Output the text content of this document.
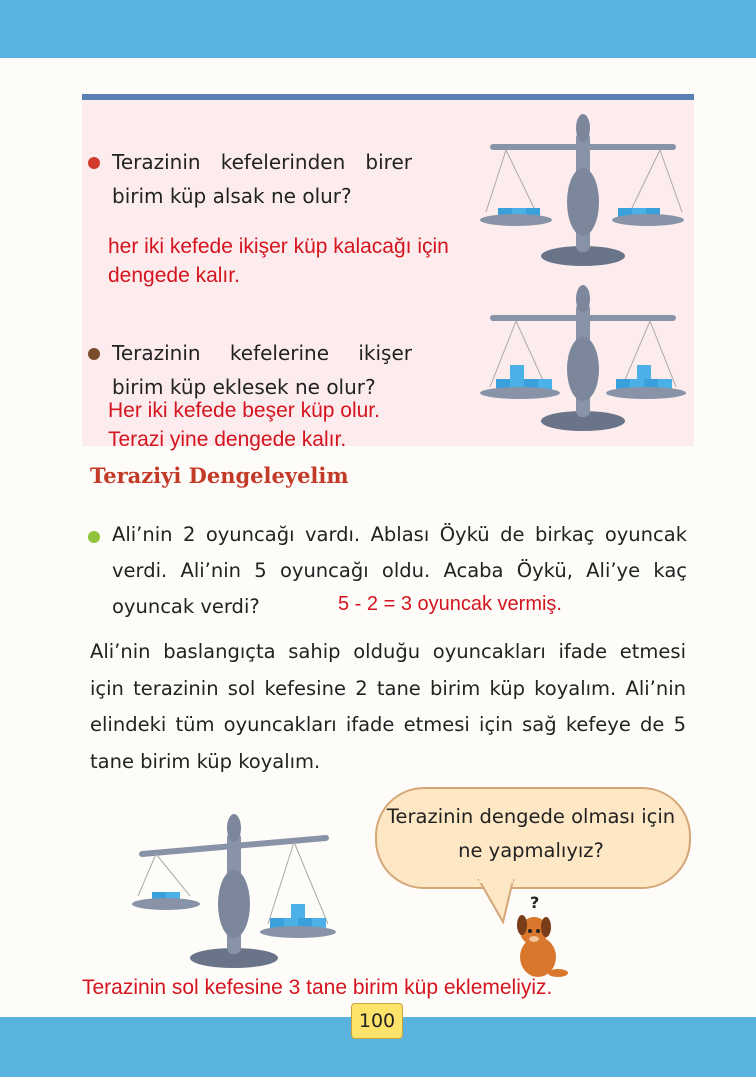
Terazinin kefelerinden birer birim küp alsak ne olur?
her iki kefede ikişer küp kalacağı için dengede kalır.
Terazinin kefelerine ikişer birim küp eklesek ne olur?
Her iki kefede beşer küp olur. Terazi yine dengede kalır.
Teraziyi Dengeleyelim
Ali’nin 2 oyuncağı vardı. Ablası Öykü de birkaç oyuncak verdi. Ali’nin 5 oyuncağı oldu. Acaba Öykü, Ali’ye kaç oyuncak verdi?	5 - 2 = 3 oyuncak vermiş.
Ali’nin baslangıçta sahip olduğu oyuncakları ifade etmesi için terazinin sol kefesine 2 tane birim küp koyalım. Ali’nin elindeki tüm oyuncakları ifade etmesi için sağ kefeye de 5 tane birim küp koyalım.
Terazinin dengede olması için ne yapmalıyız?
?
Terazinin sol kefesine 3 tane birim küp eklemeliyiz.
100
